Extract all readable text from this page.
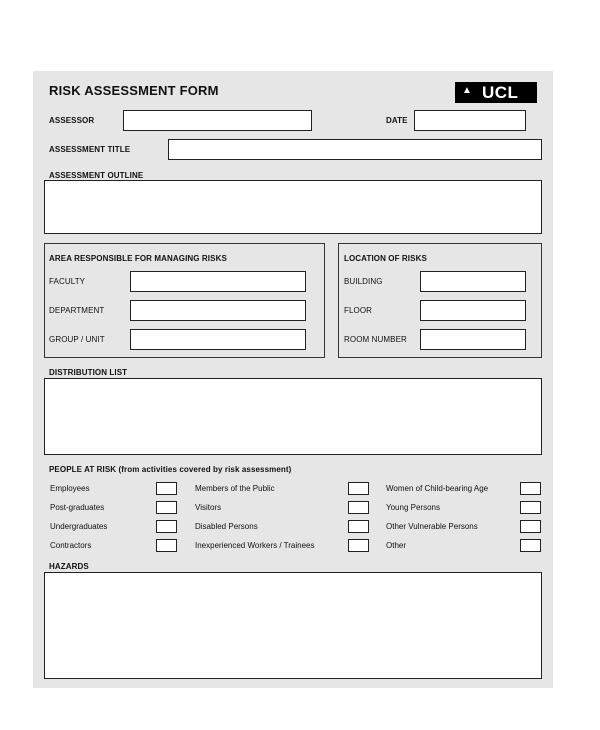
RISK ASSESSMENT FORM	▲ UCL
ASSESSOR	DATE
ASSESSMENT TITLE
ASSESSMENT OUTLINE
AREA RESPONSIBLE FOR MANAGING RISKS
FACULTY
DEPARTMENT
GROUP / UNIT
LOCATION OF RISKS
BUILDING
FLOOR
ROOM NUMBER
DISTRIBUTION LIST
PEOPLE AT RISK (from activities covered by risk assessment)
Employees
Post-graduates
Undergraduates
Contractors
Members of the Public
Visitors
Disabled Persons
Inexperienced Workers / Trainees
Women of Child-bearing Age
Young Persons
Other Vulnerable Persons
Other
HAZARDS
